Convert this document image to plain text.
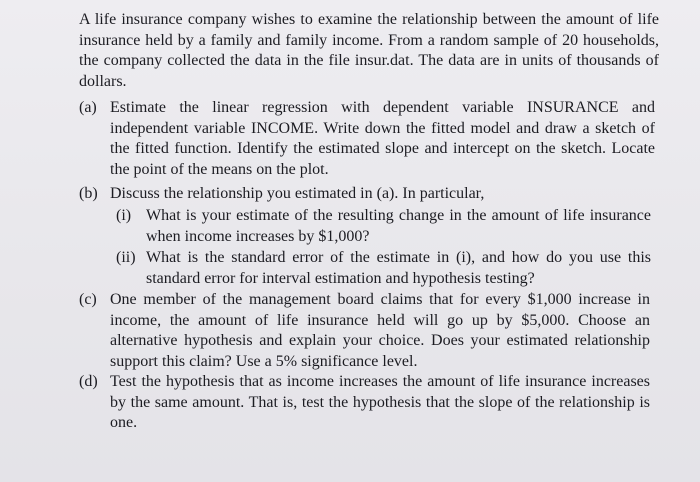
A life insurance company wishes to examine the relationship between the amount of life insurance held by a family and family income. From a random sample of 20 households, the company collected the data in the file insur.dat. The data are in units of thousands of dollars.

(a) Estimate the linear regression with dependent variable INSURANCE and independent variable INCOME. Write down the fitted model and draw a sketch of the fitted function. Identify the estimated slope and intercept on the sketch. Locate the point of the means on the plot.
(b) Discuss the relationship you estimated in (a). In particular,
(i) What is your estimate of the resulting change in the amount of life insurance when income increases by $1,000?
(ii) What is the standard error of the estimate in (i), and how do you use this standard error for interval estimation and hypothesis testing?
(c) One member of the management board claims that for every $1,000 increase in income, the amount of life insurance held will go up by $5,000. Choose an alternative hypothesis and explain your choice. Does your estimated relationship support this claim? Use a 5% significance level.
(d) Test the hypothesis that as income increases the amount of life insurance increases by the same amount. That is, test the hypothesis that the slope of the relationship is one.
